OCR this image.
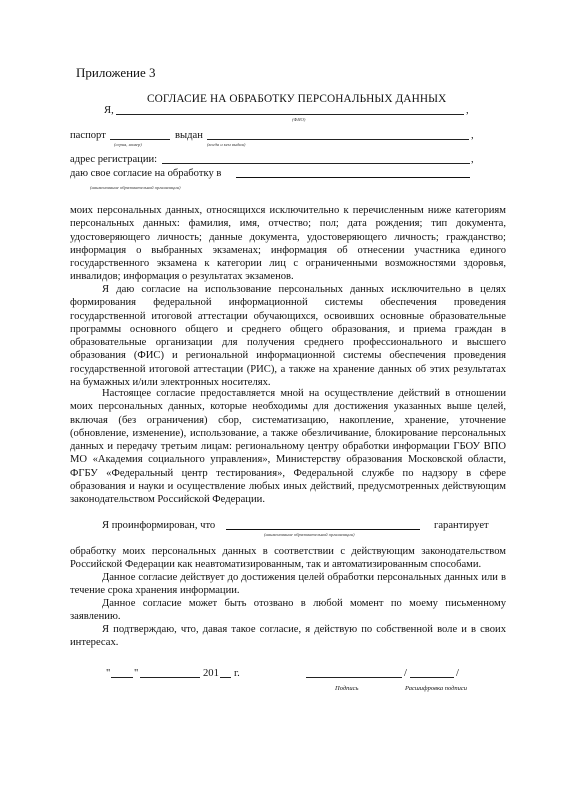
Приложение 3
СОГЛАСИЕ НА ОБРАБОТКУ ПЕРСОНАЛЬНЫХ ДАННЫХ
Я,	,
(ФИО)
паспорт
(серия, номер)
выдан	,
(когда и кем выдан)
адрес регистрации:	,
даю свое согласие на обработку в
(наименование образовательной организации)
моих персональных данных, относящихся исключительно к перечисленным ниже категориям персональных данных: фамилия, имя, отчество; пол; дата рождения; тип документа, удостоверяющего личность; данные документа, удостоверяющего личность; гражданство; информация о выбранных экзаменах; информация об отнесении участника единого государственного экзамена к категории лиц с ограниченными возможностями здоровья, инвалидов; информация о результатах экзаменов.
Я даю согласие на использование персональных данных исключительно в целях формирования федеральной информационной системы обеспечения проведения государственной итоговой аттестации обучающихся, освоивших основные образовательные программы основного общего и среднего общего образования, и приема граждан в образовательные организации для получения среднего профессионального и высшего образования (ФИС) и региональной информационной системы обеспечения проведения государственной итоговой аттестации (РИС), а также на хранение данных об этих результатах на бумажных и/или электронных носителях.
Настоящее согласие предоставляется мной на осуществление действий в отношении моих персональных данных, которые необходимы для достижения указанных выше целей, включая (без ограничения) сбор, систематизацию, накопление, хранение, уточнение (обновление, изменение), использование, а также обезличивание, блокирование персональных данных и передачу третьим лицам: региональному центру обработки информации ГБОУ ВПО МО «Академия социального управления», Министерству образования Московской области, ФГБУ «Федеральный центр тестирования», Федеральной службе по надзору в сфере образования и науки и осуществление любых иных действий, предусмотренных действующим законодательством Российской Федерации.
Я проинформирован, что	гарантирует
(наименование образовательной организации)
обработку моих персональных данных в соответствии с действующим законодательством Российской Федерации как неавтоматизированным, так и автоматизированным способами.
Данное согласие действует до достижения целей обработки персональных данных или в течение срока хранения информации.
Данное согласие может быть отозвано в любой момент по моему письменному заявлению.
Я подтверждаю, что, давая такое согласие, я действую по собственной воле и в своих интересах.
" "	201 г.	/	/
Подпись	Расшифровка подписи
